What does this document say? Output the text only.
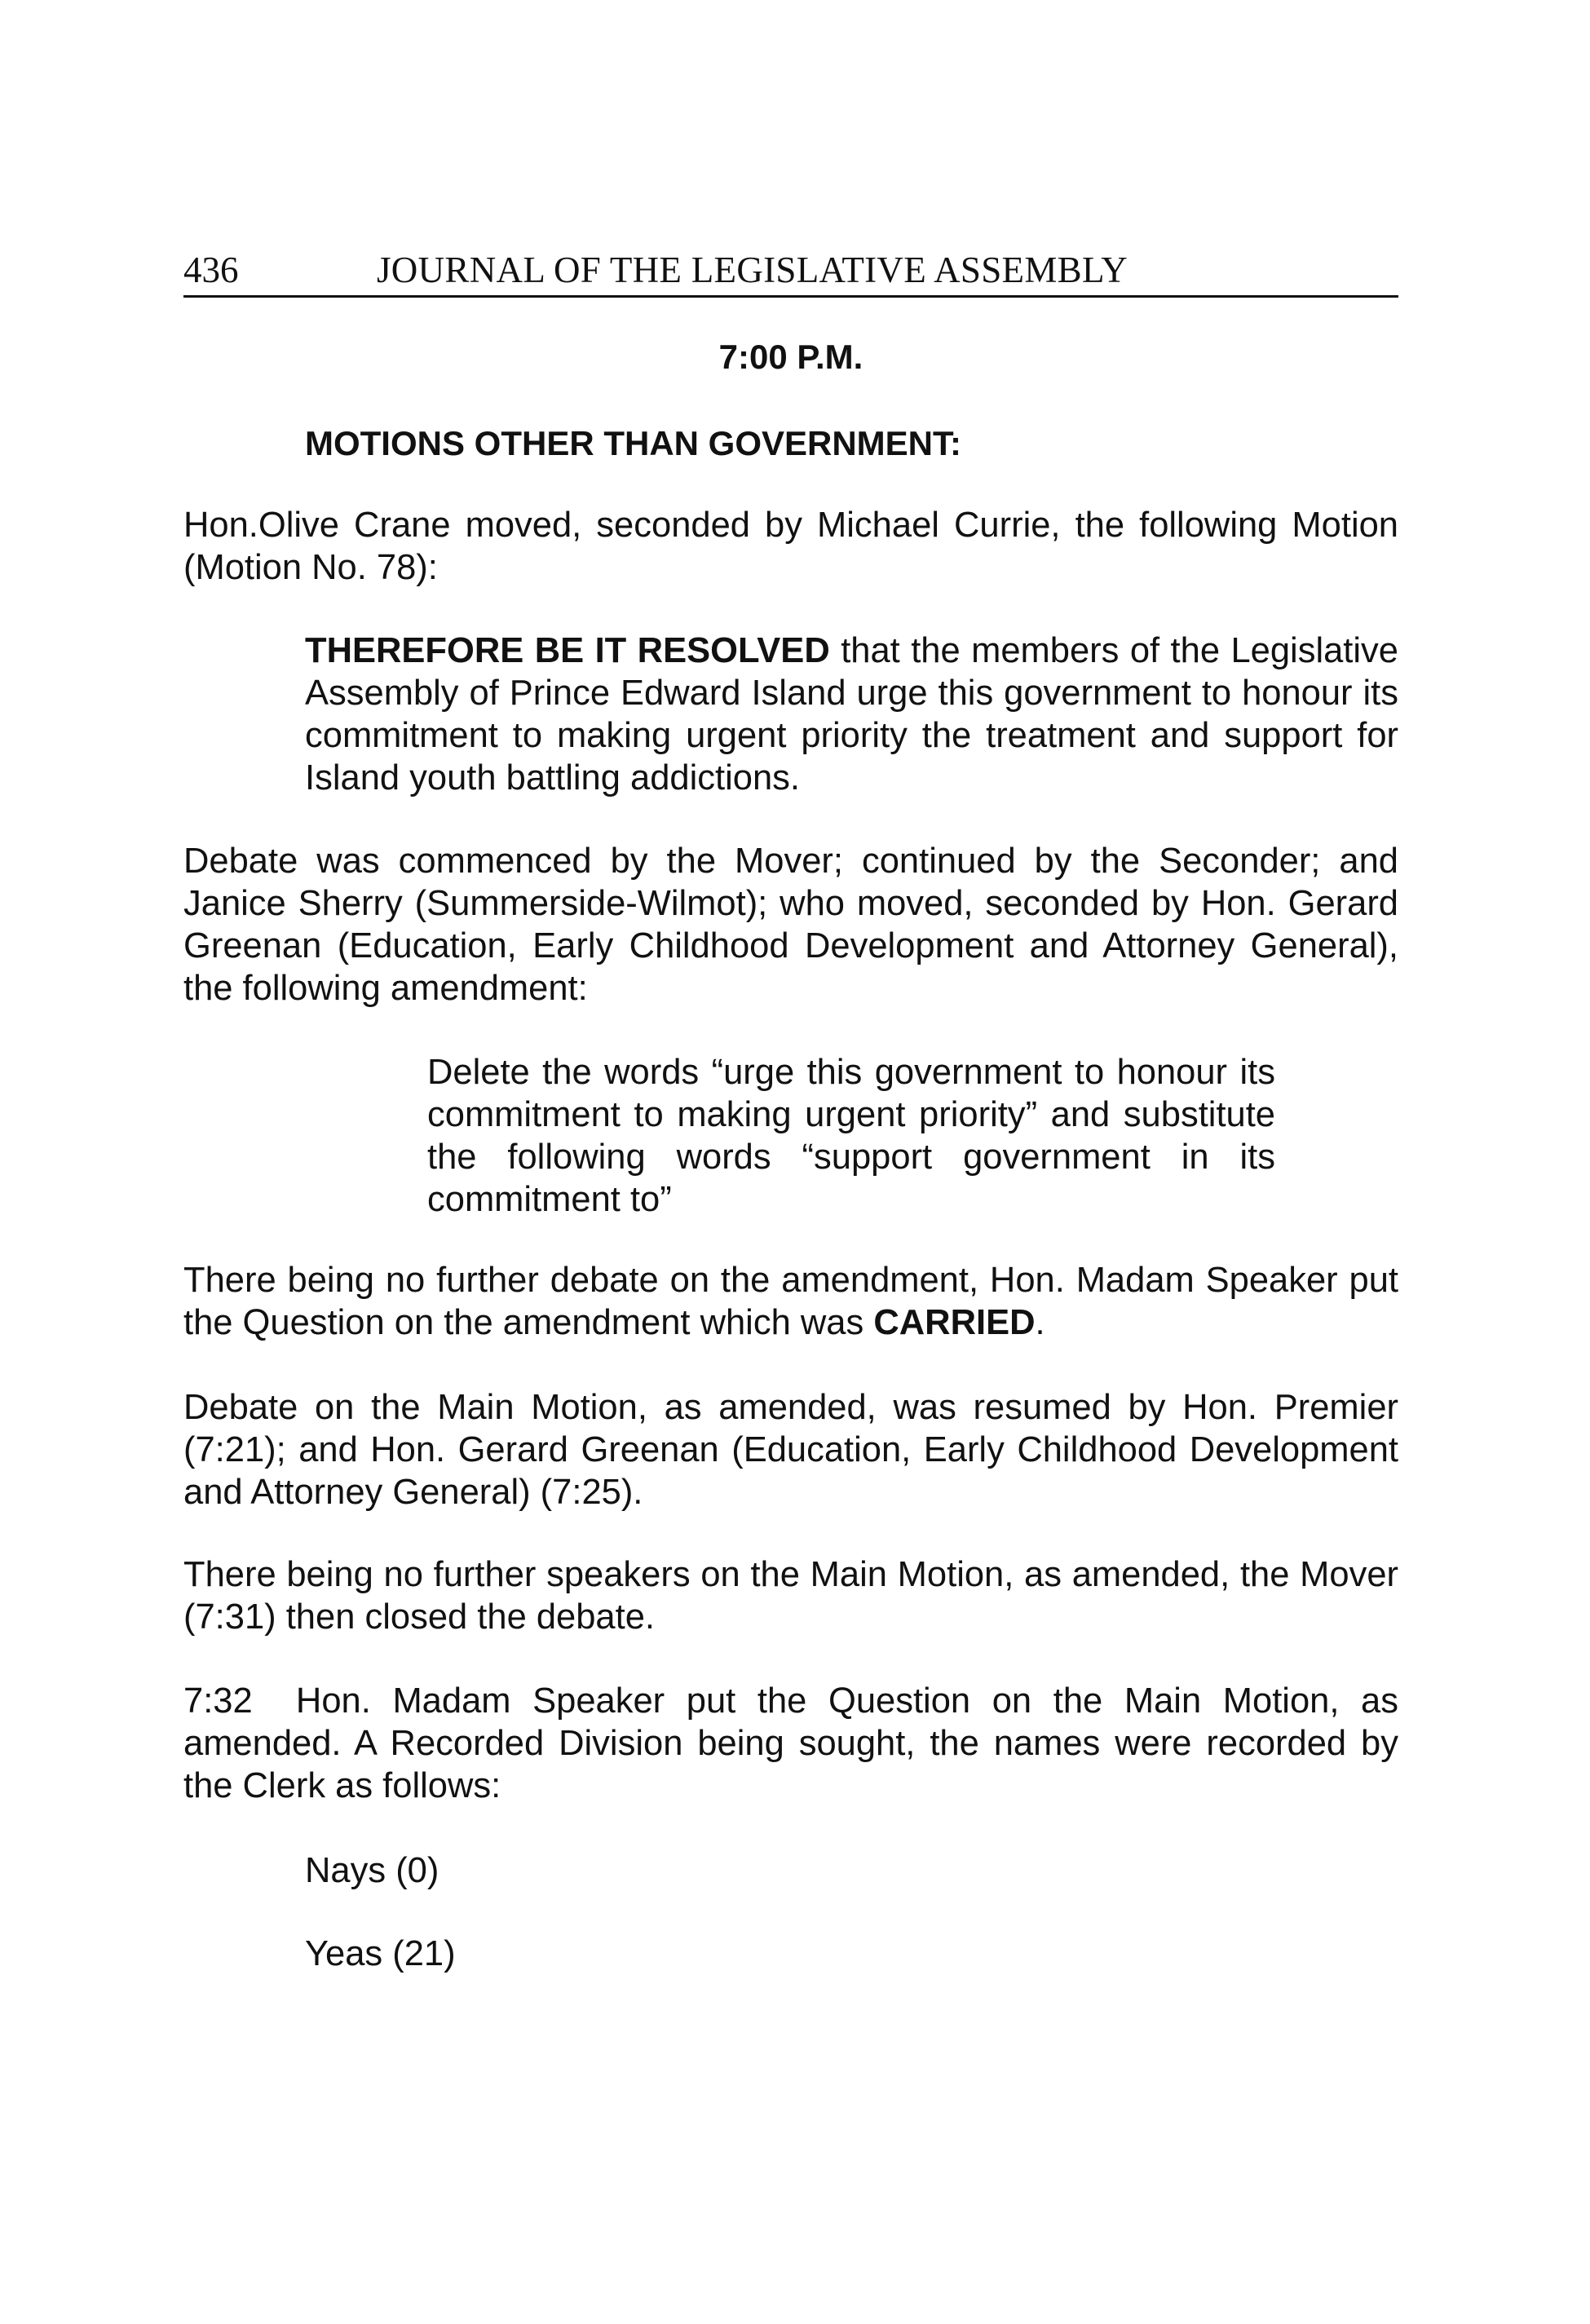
436	JOURNAL OF THE LEGISLATIVE ASSEMBLY
7:00 P.M.
MOTIONS OTHER THAN GOVERNMENT:
Hon.Olive Crane moved, seconded by Michael Currie, the following Motion (Motion No. 78):
THEREFORE BE IT RESOLVED that the members of the Legislative Assembly of Prince Edward Island urge this government to honour its commitment to making urgent priority the treatment and support for Island youth battling addictions.
Debate was commenced by the Mover; continued by the Seconder; and Janice Sherry (Summerside-Wilmot); who moved, seconded by Hon. Gerard Greenan (Education, Early Childhood Development and Attorney General), the following amendment:
Delete the words “urge this government to honour its commitment to making urgent priority” and substitute the following words “support government in its commitment to”
There being no further debate on the amendment, Hon. Madam Speaker put the Question on the amendment which was CARRIED.
Debate on the Main Motion, as amended, was resumed by Hon. Premier (7:21); and Hon. Gerard Greenan (Education, Early Childhood Development and Attorney General) (7:25).
There being no further speakers on the Main Motion, as amended, the Mover (7:31) then closed the debate.
7:32  Hon. Madam Speaker put the Question on the Main Motion, as amended. A Recorded Division being sought, the names were recorded by the Clerk as follows:
Nays (0)
Yeas (21)
